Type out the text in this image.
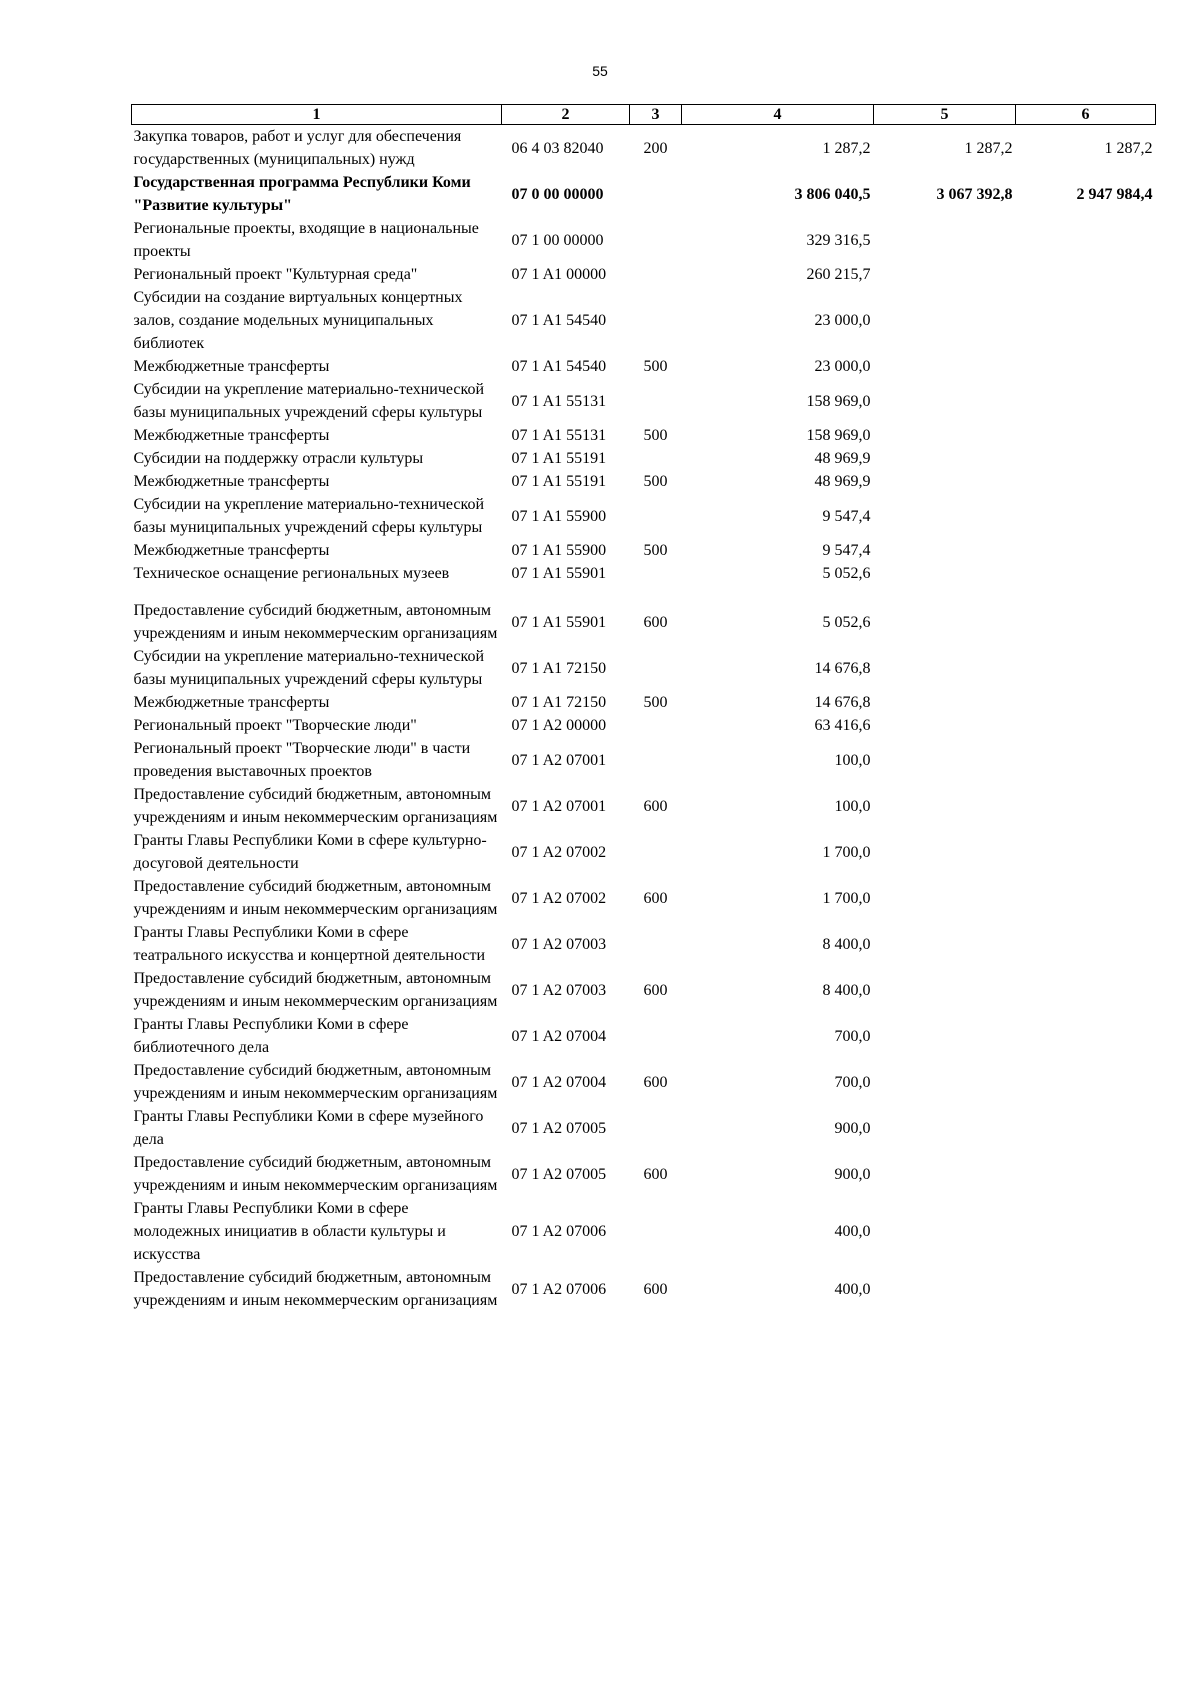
55
1	2	3	4	5	6
Закупка товаров, работ и услуг для обеспечения государственных (муниципальных) нужд	06 4 03 82040	200	1 287,2	1 287,2	1 287,2
Государственная программа Республики Коми "Развитие культуры"	07 0 00 00000		3 806 040,5	3 067 392,8	2 947 984,4
Региональные проекты, входящие в национальные проекты	07 1 00 00000		329 316,5		
Региональный проект "Культурная среда"	07 1 A1 00000		260 215,7		
Субсидии на создание виртуальных концертных залов, создание модельных муниципальных библиотек	07 1 A1 54540		23 000,0		
Межбюджетные трансферты	07 1 A1 54540	500	23 000,0		
Субсидии на укрепление материально-технической базы муниципальных учреждений сферы культуры	07 1 A1 55131		158 969,0		
Межбюджетные трансферты	07 1 A1 55131	500	158 969,0		
Субсидии на поддержку отрасли культуры	07 1 A1 55191		48 969,9		
Межбюджетные трансферты	07 1 A1 55191	500	48 969,9		
Субсидии на укрепление материально-технической базы муниципальных учреждений сферы культуры	07 1 A1 55900		9 547,4		
Межбюджетные трансферты	07 1 A1 55900	500	9 547,4		
Техническое оснащение региональных музеев	07 1 A1 55901		5 052,6		
Предоставление субсидий бюджетным, автономным учреждениям и иным некоммерческим организациям	07 1 A1 55901	600	5 052,6		
Субсидии на укрепление материально-технической базы муниципальных учреждений сферы культуры	07 1 A1 72150		14 676,8		
Межбюджетные трансферты	07 1 A1 72150	500	14 676,8		
Региональный проект "Творческие люди"	07 1 A2 00000		63 416,6		
Региональный проект "Творческие люди" в части проведения выставочных проектов	07 1 A2 07001		100,0		
Предоставление субсидий бюджетным, автономным учреждениям и иным некоммерческим организациям	07 1 A2 07001	600	100,0		
Гранты Главы Республики Коми в сфере культурно-досуговой деятельности	07 1 A2 07002		1 700,0		
Предоставление субсидий бюджетным, автономным учреждениям и иным некоммерческим организациям	07 1 A2 07002	600	1 700,0		
Гранты Главы Республики Коми в сфере театрального искусства и концертной деятельности	07 1 A2 07003		8 400,0		
Предоставление субсидий бюджетным, автономным учреждениям и иным некоммерческим организациям	07 1 A2 07003	600	8 400,0		
Гранты Главы Республики Коми в сфере библиотечного дела	07 1 A2 07004		700,0		
Предоставление субсидий бюджетным, автономным учреждениям и иным некоммерческим организациям	07 1 A2 07004	600	700,0		
Гранты Главы Республики Коми в сфере музейного дела	07 1 A2 07005		900,0		
Предоставление субсидий бюджетным, автономным учреждениям и иным некоммерческим организациям	07 1 A2 07005	600	900,0		
Гранты Главы Республики Коми в сфере молодежных инициатив в области культуры и искусства	07 1 A2 07006		400,0		
Предоставление субсидий бюджетным, автономным учреждениям и иным некоммерческим организациям	07 1 A2 07006	600	400,0		
